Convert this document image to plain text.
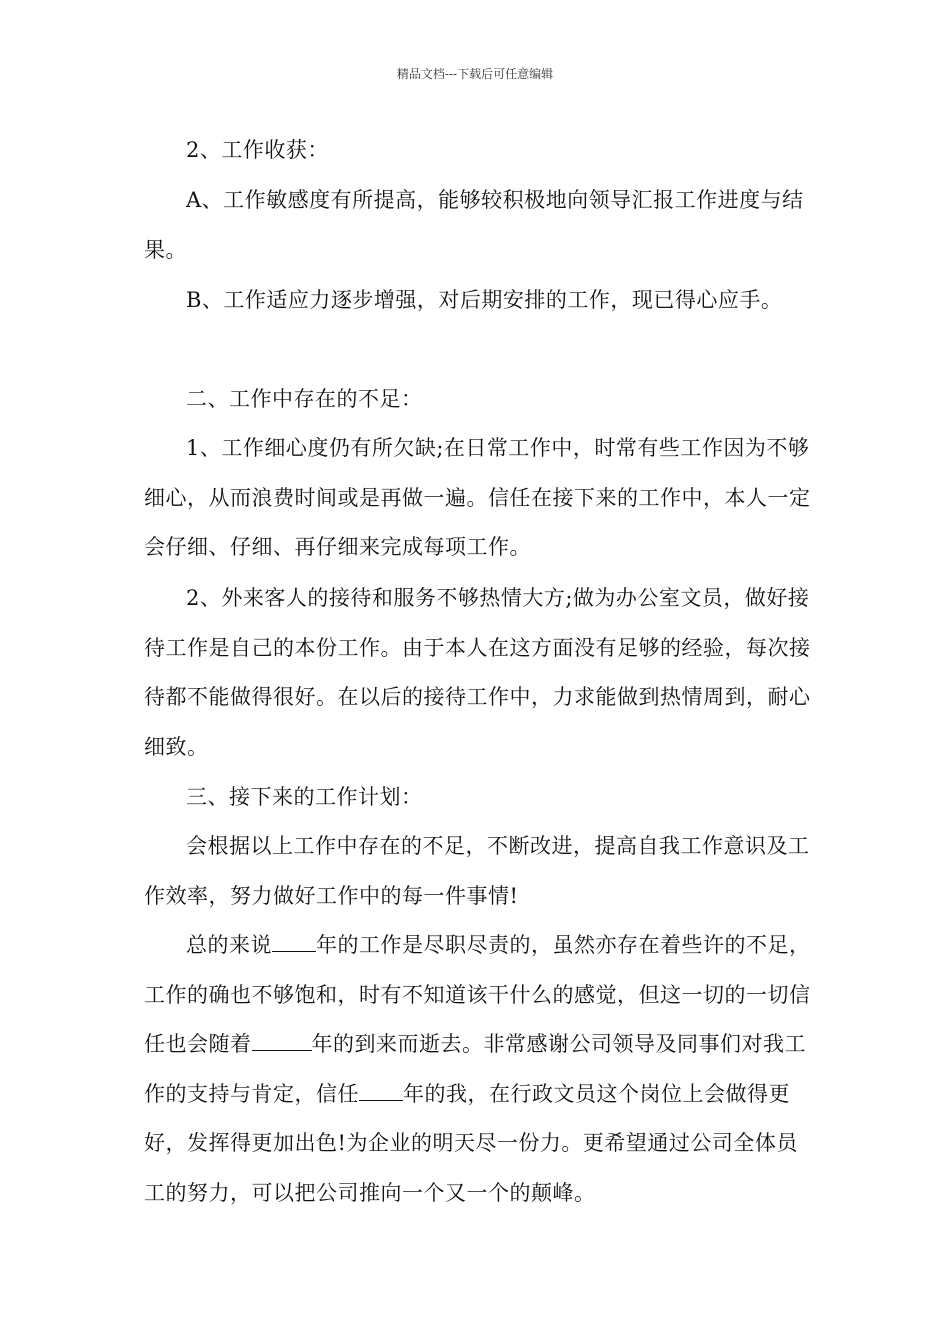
精品文档---下载后可任意编辑

2、工作收获：

A、工作敏感度有所提高，能够较积极地向领导汇报工作进度与结果。

B、工作适应力逐步增强，对后期安排的工作，现已得心应手。

二、工作中存在的不足：

1、工作细心度仍有所欠缺;在日常工作中，时常有些工作因为不够细心，从而浪费时间或是再做一遍。信任在接下来的工作中，本人一定会仔细、仔细、再仔细来完成每项工作。

2、外来客人的接待和服务不够热情大方;做为办公室文员，做好接待工作是自己的本份工作。由于本人在这方面没有足够的经验，每次接待都不能做得很好。在以后的接待工作中，力求能做到热情周到，耐心细致。

三、接下来的工作计划：

会根据以上工作中存在的不足，不断改进，提高自我工作意识及工作效率，努力做好工作中的每一件事情!

总的来说 年的工作是尽职尽责的，虽然亦存在着些许的不足，工作的确也不够饱和，时有不知道该干什么的感觉，但这一切的一切信任也会随着	年的到来而逝去。非常感谢公司领导及同事们对我工作的支持与肯定，信任 年的我，在行政文员这个岗位上会做得更好，发挥得更加出色!为企业的明天尽一份力。更希望通过公司全体员工的努力，可以把公司推向一个又一个的颠峰。
